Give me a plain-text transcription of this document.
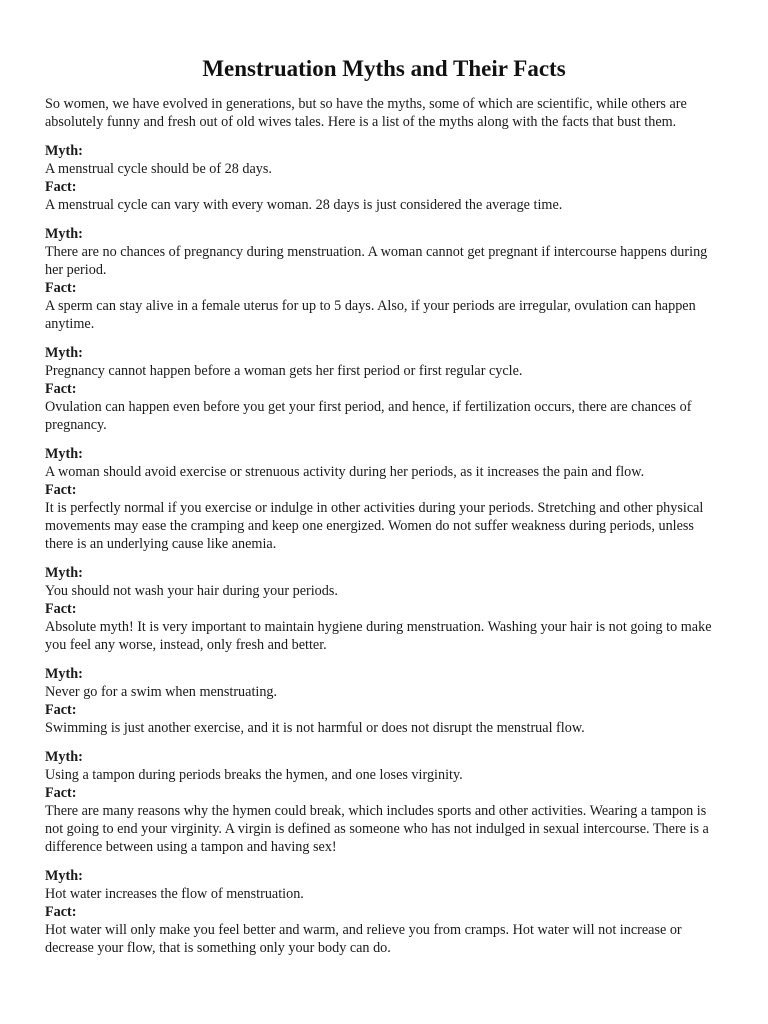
Menstruation Myths and Their Facts

So women, we have evolved in generations, but so have the myths, some of which are scientific, while others are absolutely funny and fresh out of old wives tales. Here is a list of the myths along with the facts that bust them.

Myth:
A menstrual cycle should be of 28 days.
Fact:
A menstrual cycle can vary with every woman. 28 days is just considered the average time.
Myth:
There are no chances of pregnancy during menstruation. A woman cannot get pregnant if intercourse happens during her period.
Fact:
A sperm can stay alive in a female uterus for up to 5 days. Also, if your periods are irregular, ovulation can happen anytime.
Myth:
Pregnancy cannot happen before a woman gets her first period or first regular cycle.
Fact:
Ovulation can happen even before you get your first period, and hence, if fertilization occurs, there are chances of pregnancy.
Myth:
A woman should avoid exercise or strenuous activity during her periods, as it increases the pain and flow.
Fact:
It is perfectly normal if you exercise or indulge in other activities during your periods. Stretching and other physical movements may ease the cramping and keep one energized. Women do not suffer weakness during periods, unless there is an underlying cause like anemia.
Myth:
You should not wash your hair during your periods.
Fact:
Absolute myth! It is very important to maintain hygiene during menstruation. Washing your hair is not going to make you feel any worse, instead, only fresh and better.
Myth:
Never go for a swim when menstruating.
Fact:
Swimming is just another exercise, and it is not harmful or does not disrupt the menstrual flow.
Myth:
Using a tampon during periods breaks the hymen, and one loses virginity.
Fact:
There are many reasons why the hymen could break, which includes sports and other activities. Wearing a tampon is not going to end your virginity. A virgin is defined as someone who has not indulged in sexual intercourse. There is a difference between using a tampon and having sex!
Myth:
Hot water increases the flow of menstruation.
Fact:
Hot water will only make you feel better and warm, and relieve you from cramps. Hot water will not increase or decrease your flow, that is something only your body can do.
